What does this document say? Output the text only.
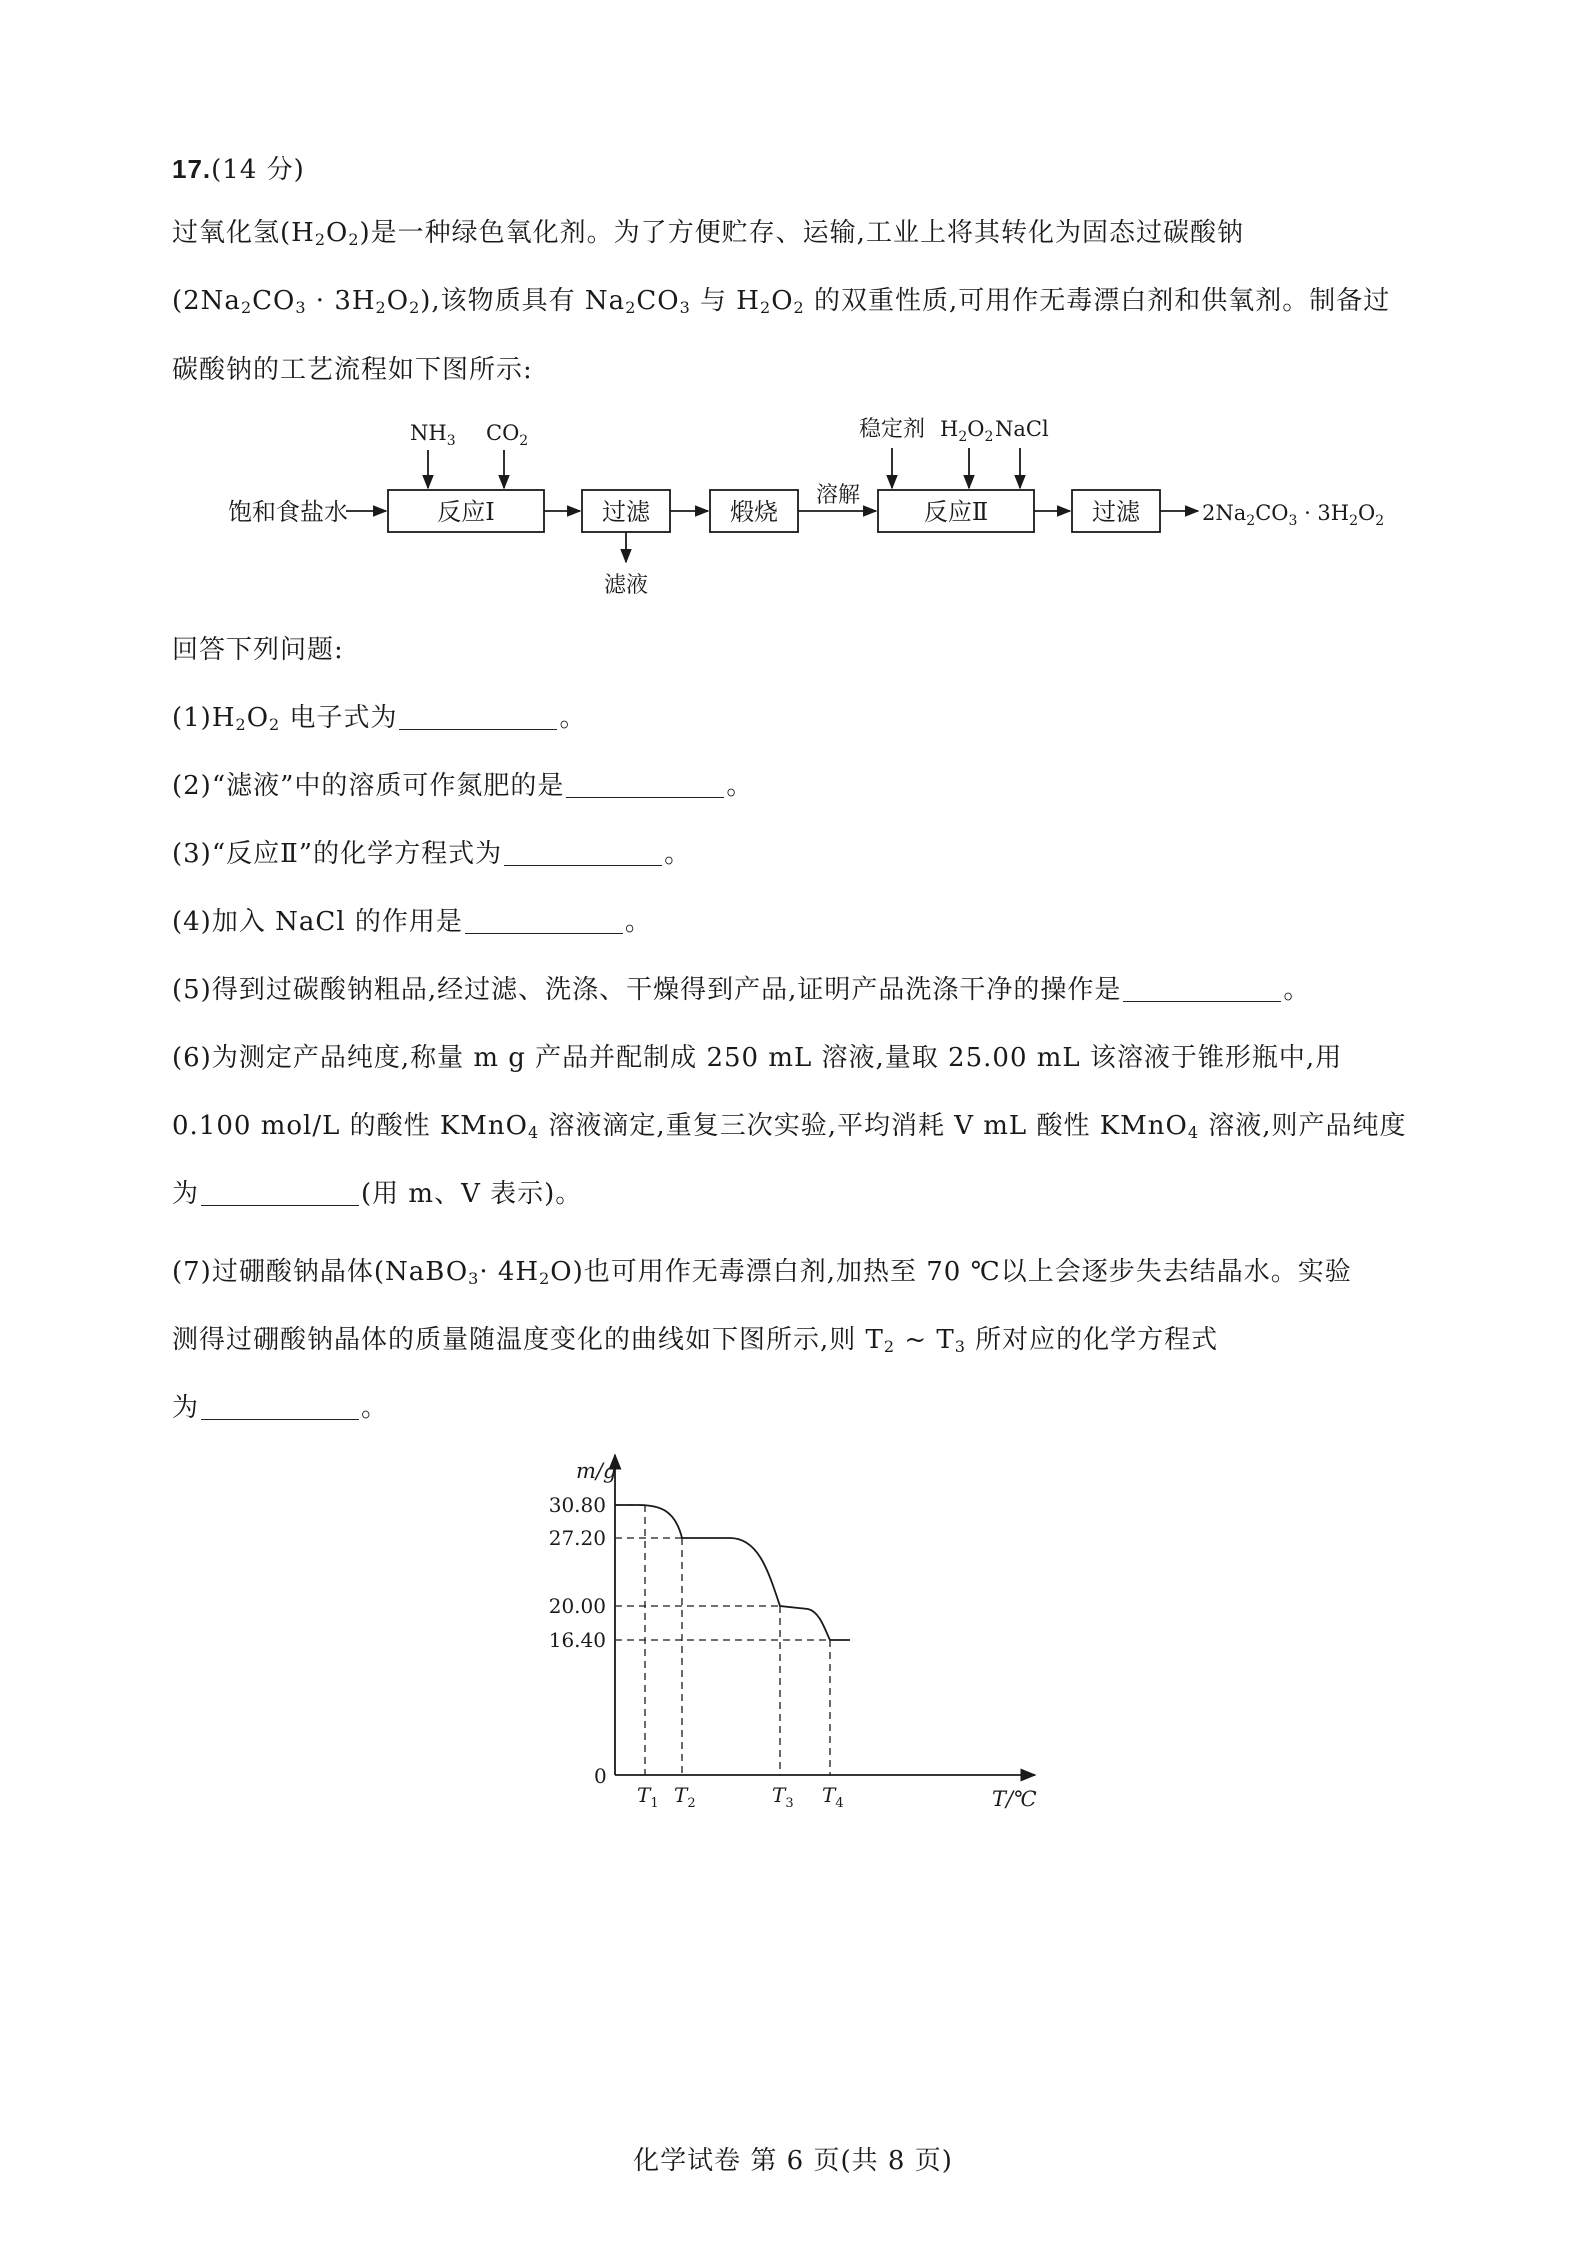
17.(14 分)
过氧化氢$(H_2O_2)$是一种绿色氧化剂。为了方便贮存、运输,工业上将其转化为固态过碳酸钠
$(2Na_2CO_3 \cdot 3H_2O_2)$,该物质具有 $Na_2CO_3$ 与 $H_2O_2$ 的双重性质,可用作无毒漂白剂和供氧剂。制备过
碳酸钠的工艺流程如下图所示:
饱和食盐水
$NH_3$ $CO_2$
反应Ⅰ	过滤	煅烧
溶解
反应Ⅱ	过滤
稳定剂 $H_2O_2$ NaCl
滤液
$2Na_2CO_3 \cdot 3H_2O_2$
回答下列问题:
$(1)H_2O_2$ 电子式为	。
(2)“滤液”中的溶质可作氮肥的是	。
(3)“反应Ⅱ”的化学方程式为	。
(4)加入 NaCl 的作用是	。
(5)得到过碳酸钠粗品,经过滤、洗涤、干燥得到产品,证明产品洗涤干净的操作是	。
(6)为测定产品纯度,称量 m g 产品并配制成 250 mL 溶液,量取 25.00 mL 该溶液于锥形瓶中,用
0.100 mol/L 的酸性 KMnO$_4$ 溶液滴定,重复三次实验,平均消耗 V mL 酸性 KMnO$_4$ 溶液,则产品纯度
为	(用 m、V 表示)。
(7)过硼酸钠晶体(NaBO$_3$· $4H_2O$)也可用作无毒漂白剂,加热至 70 ℃以上会逐步失去结晶水。实验
测得过硼酸钠晶体的质量随温度变化的曲线如下图所示,则 $T_2$ ~ $T_3$ 所对应的化学方程式
为	。
m/g
T/℃
0
30.80
27.20
20.00
16.40
$T_1$ $T_2$	$T_3$ $T_4$
化学试卷 第 6 页(共 8 页)
